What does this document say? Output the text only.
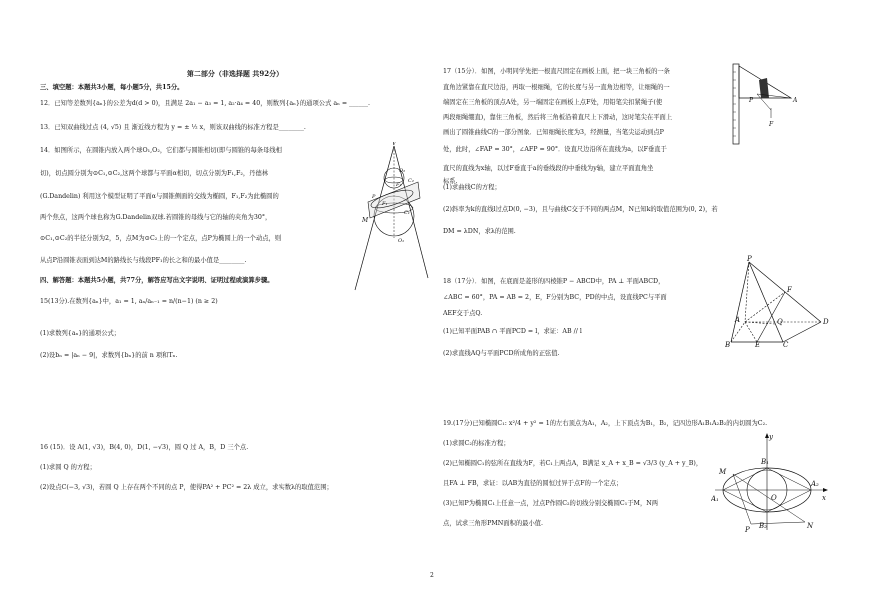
第二部分（非选择题 共92分）
三、填空题：本题共3小题，每小题5分，共15分。
12．已知等差数列{aₙ}的公差为d(d > 0)，且满足 2a₁ − a₃ = 1, a₂·a₄ = 40，则数列{aₙ}的通项公式 aₙ = ______.
13．已知双曲线过点 (4, √5) 且 渐近线方程为 y = ± ½ x，则该双曲线的标准方程是________.
14．如图所示，在圆锥内放入两个球O₁,O₂，它们都与圆锥相切(即与圆锥的每条母线相
切)，切点圆分别为⊙C₁,⊙C₂,这两个球都与平面α相切，切点分别为F₁,F₂，丹德林
(G.Dandelin) 利用这个模型证明了平面α与圆锥侧面的交线为椭圆，F₁,F₂为此椭圆的
两个焦点，这两个球也称为G.Dandelin双球.若圆锥的母线与它的轴的夹角为30°，
⊙C₁,⊙C₂的半径分别为2，5，点M为⊙C₂上的一个定点，点P为椭圆上的一个动点，则
从点P沿圆锥表面到达M的路线长与线段PF₁的长之和的最小值是________.
四、解答题：本题共5小题，共77分，解答应写出文字说明、证明过程或演算步骤。
15(13分).在数列{aₙ}中，a₁ = 1, aₙ/aₙ₋₁ = n/(n−1) (n ≥ 2)
(1)求数列{aₙ}的通项公式；
(2)设bₙ = |aₙ − 9|，求数列{bₙ}的前 n 项和Tₙ.
16 (15)．设 A(1, √3)，B(4, 0)，D(1, −√3)，圆 Q 过 A，B，D 三个点.
(1)求圆 Q 的方程；
(2)设点C(−3, √3)，若圆 Q 上存在两个不同的点 P，使得PA² + PC² = 2λ 成立，求实数λ的取值范围；
V
O₂
C₂
F₂
P
F₁
C₁
M
O₁
17（15分）．如图，小明同学先把一根直尺固定在画板上面，把一块三角板的一条
直角边紧靠在直尺边沿，再取一根细绳，它的长度与另一直角边相等，让细绳的一
端固定在三角板的顶点A处，另一端固定在画板上点F处，用铅笔尖扣紧绳子(使
两段细绳绷直)，靠住三角板，然后将三角板沿着直尺上下滑动，这时笔尖在平面上
画出了圆锥曲线C的一部分图象．已知细绳长度为3，经测量，当笔尖运动到点P
处，此时，∠FAP = 30°，∠AFP = 90°．设直尺边沿所在直线为a，以F垂直于
直尺的直线为x轴，以过F垂直于a的垂线段的中垂线为y轴，建立平面直角坐
标系.
(1)求曲线C的方程；
(2)斜率为k的直线l过点D(0, −3)，且与曲线C交于不同的两点M，N已知k的取值范围为(0, 2)，若
DM = λDN，求λ的范围.
18（17分）．如图，在底面是菱形的四棱锥P − ABCD中，PA ⊥ 平面ABCD，
∠ABC = 60°，PA = AB = 2，E，F分别为BC，PD的中点，设直线PC与平面
AEF交于点Q.
(1)已知平面PAB ∩ 平面PCD = l，求证：AB // l
(2)求直线AQ与平面PCD所成角的正弦值.
19.(17分)已知椭圆C₁: x²/4 + y² = 1的左右顶点为A₁，A₂，上下顶点为B₁，B₂，记四边形A₁B₁A₂B₂的内切圆为C₂.
(1)求圆C₂的标准方程；
(2)已知椭圆C₁的弦所在直线为F，若C₁上两点A，B满足 x_A + x_B = √3/3 (y_A + y_B)，
且FA ⊥ FB，求证：以AB为直径的圆恒过异于点F的一个定点；
(3)已知P为椭圆C₁上任意一点，过点P作圆C₂的切线分别交椭圆C₁于M，N两
点，试求三角形PMN面积的最小值.
P
F
A
P
F
A	Q	D
B	E	C
y
M
B₁
A₁	O
A₂
x
B₂	N
P
2
